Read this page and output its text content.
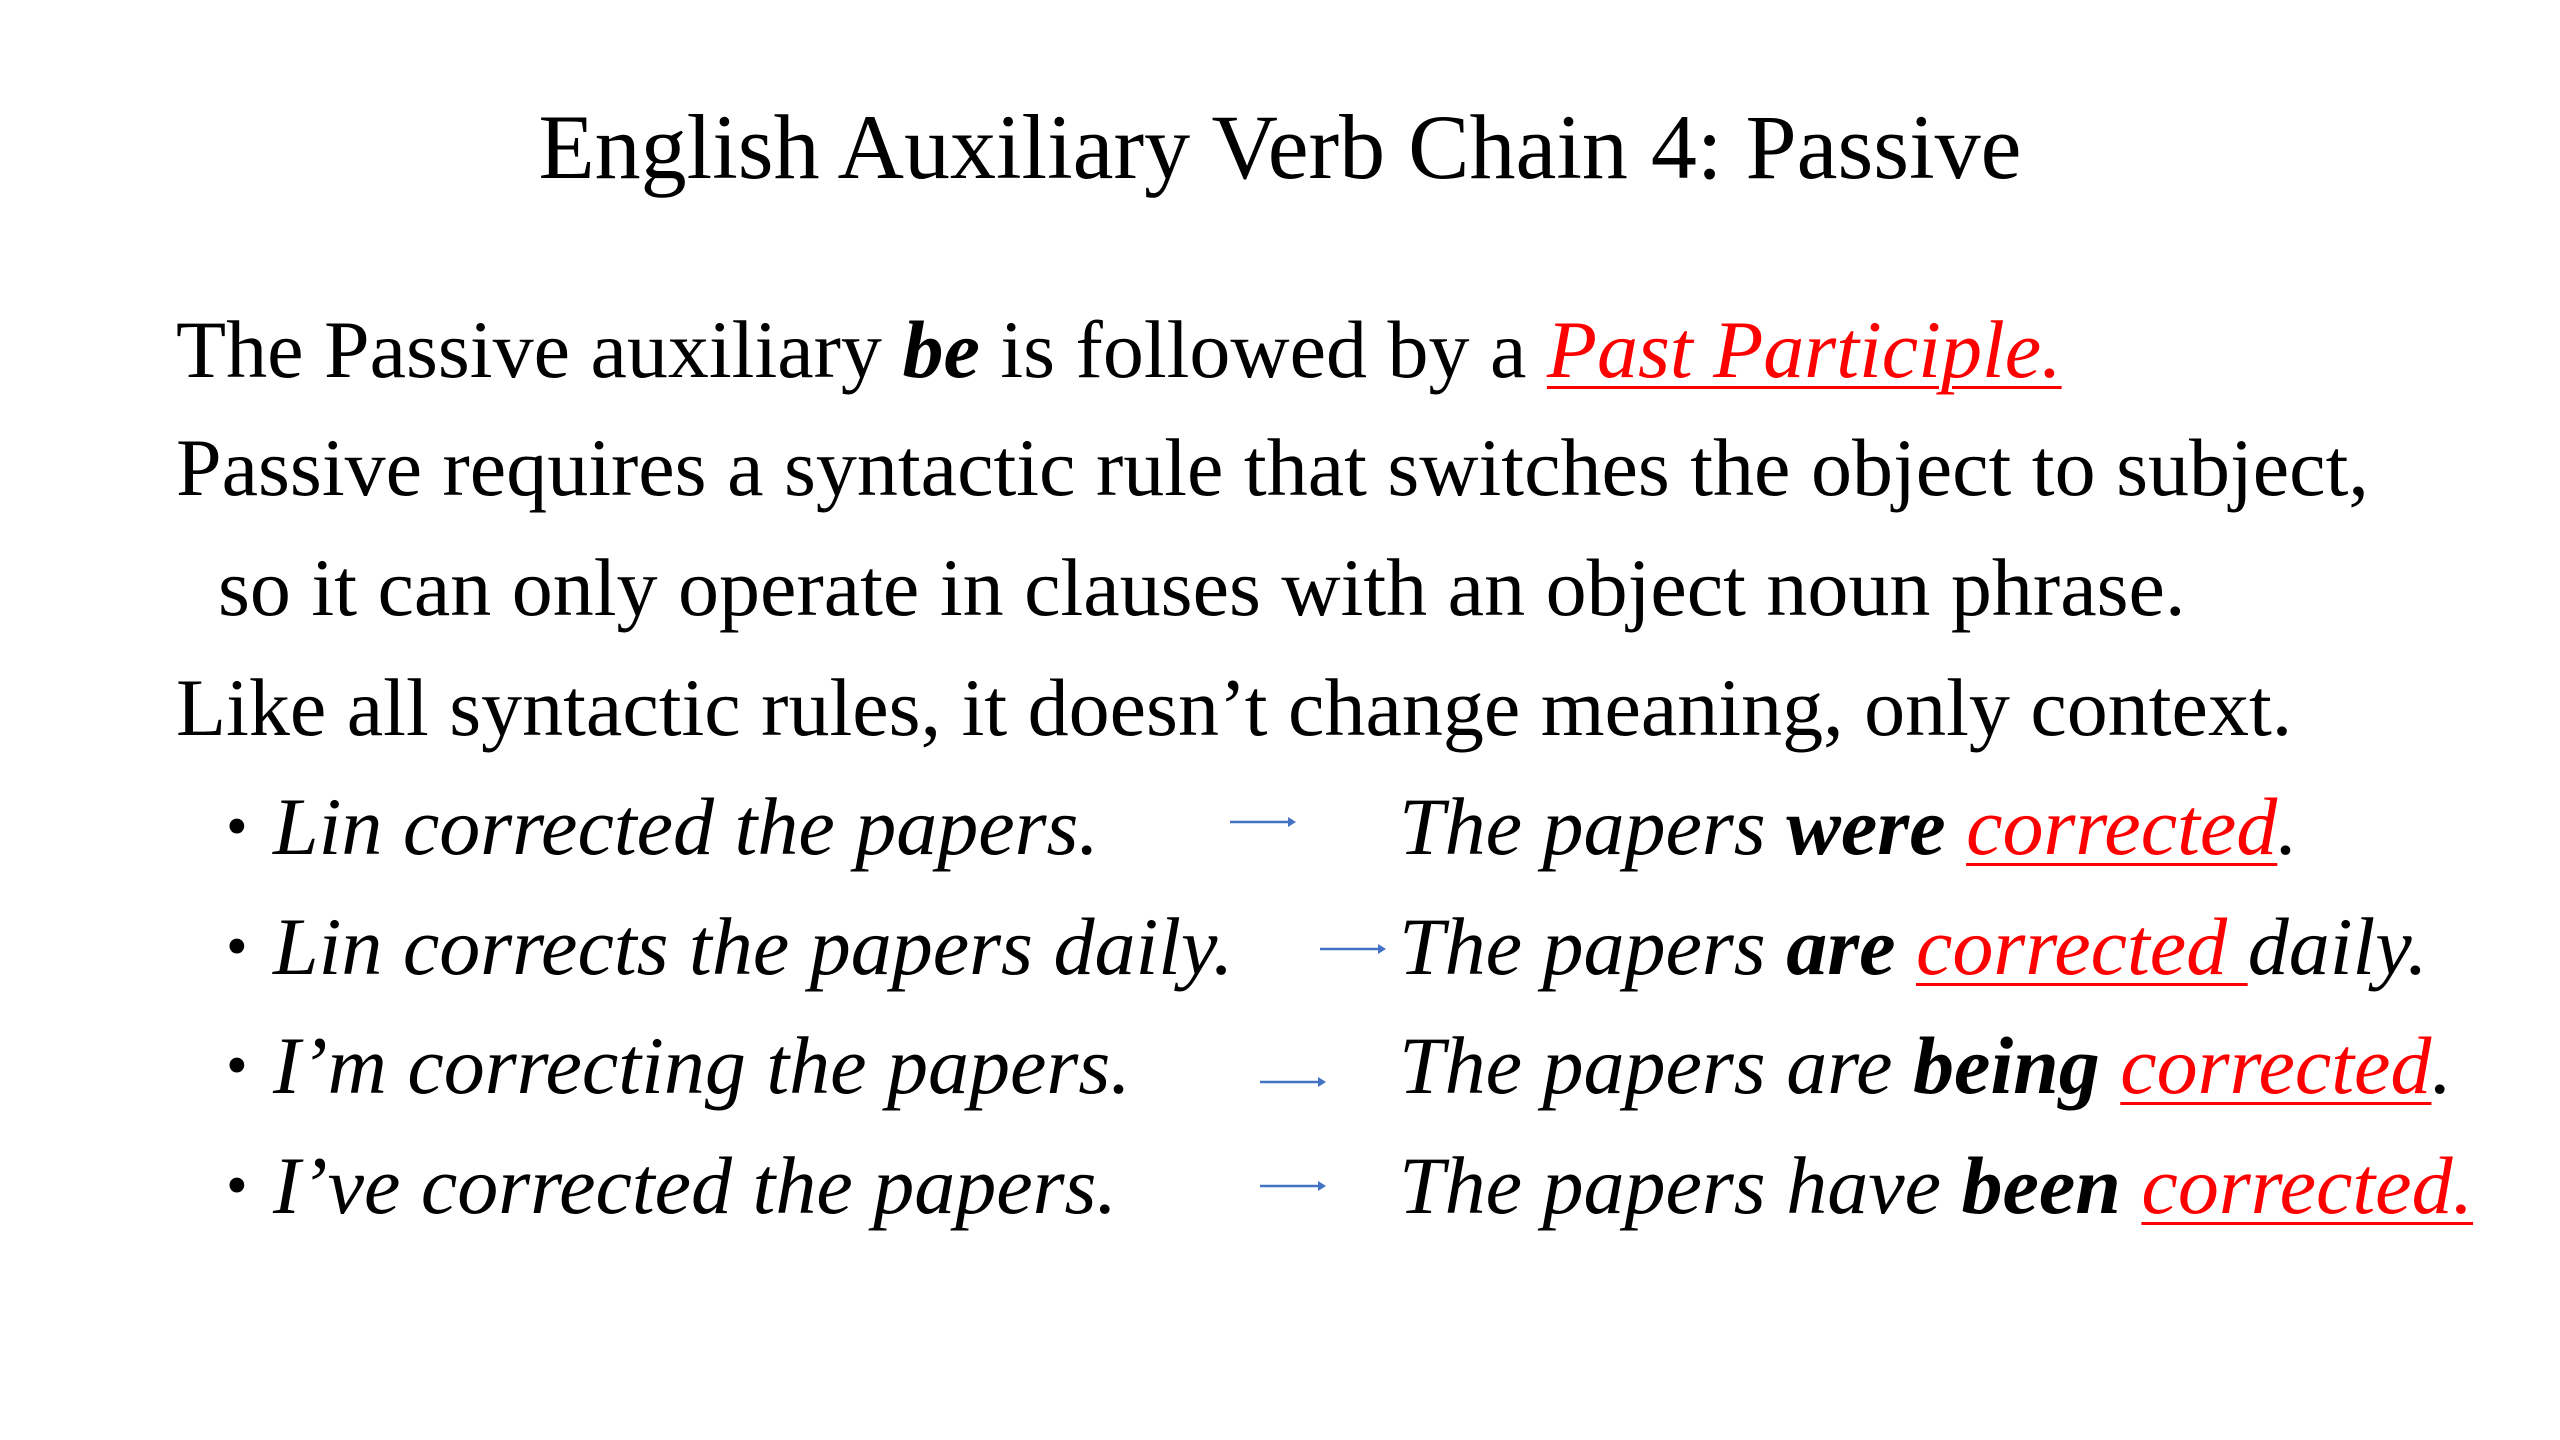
English Auxiliary Verb Chain 4: Passive
The Passive auxiliary be is followed by a Past Participle.
Passive requires a syntactic rule that switches the object to subject,
so it can only operate in clauses with an object noun phrase.
Like all syntactic rules, it doesn’t change meaning, only context.
• Lin corrected the papers.	The papers were corrected.
• Lin corrects the papers daily. The papers are corrected daily.
• I’m correcting the papers.	The papers are being corrected.
• I’ve corrected the papers.	The papers have been corrected.
